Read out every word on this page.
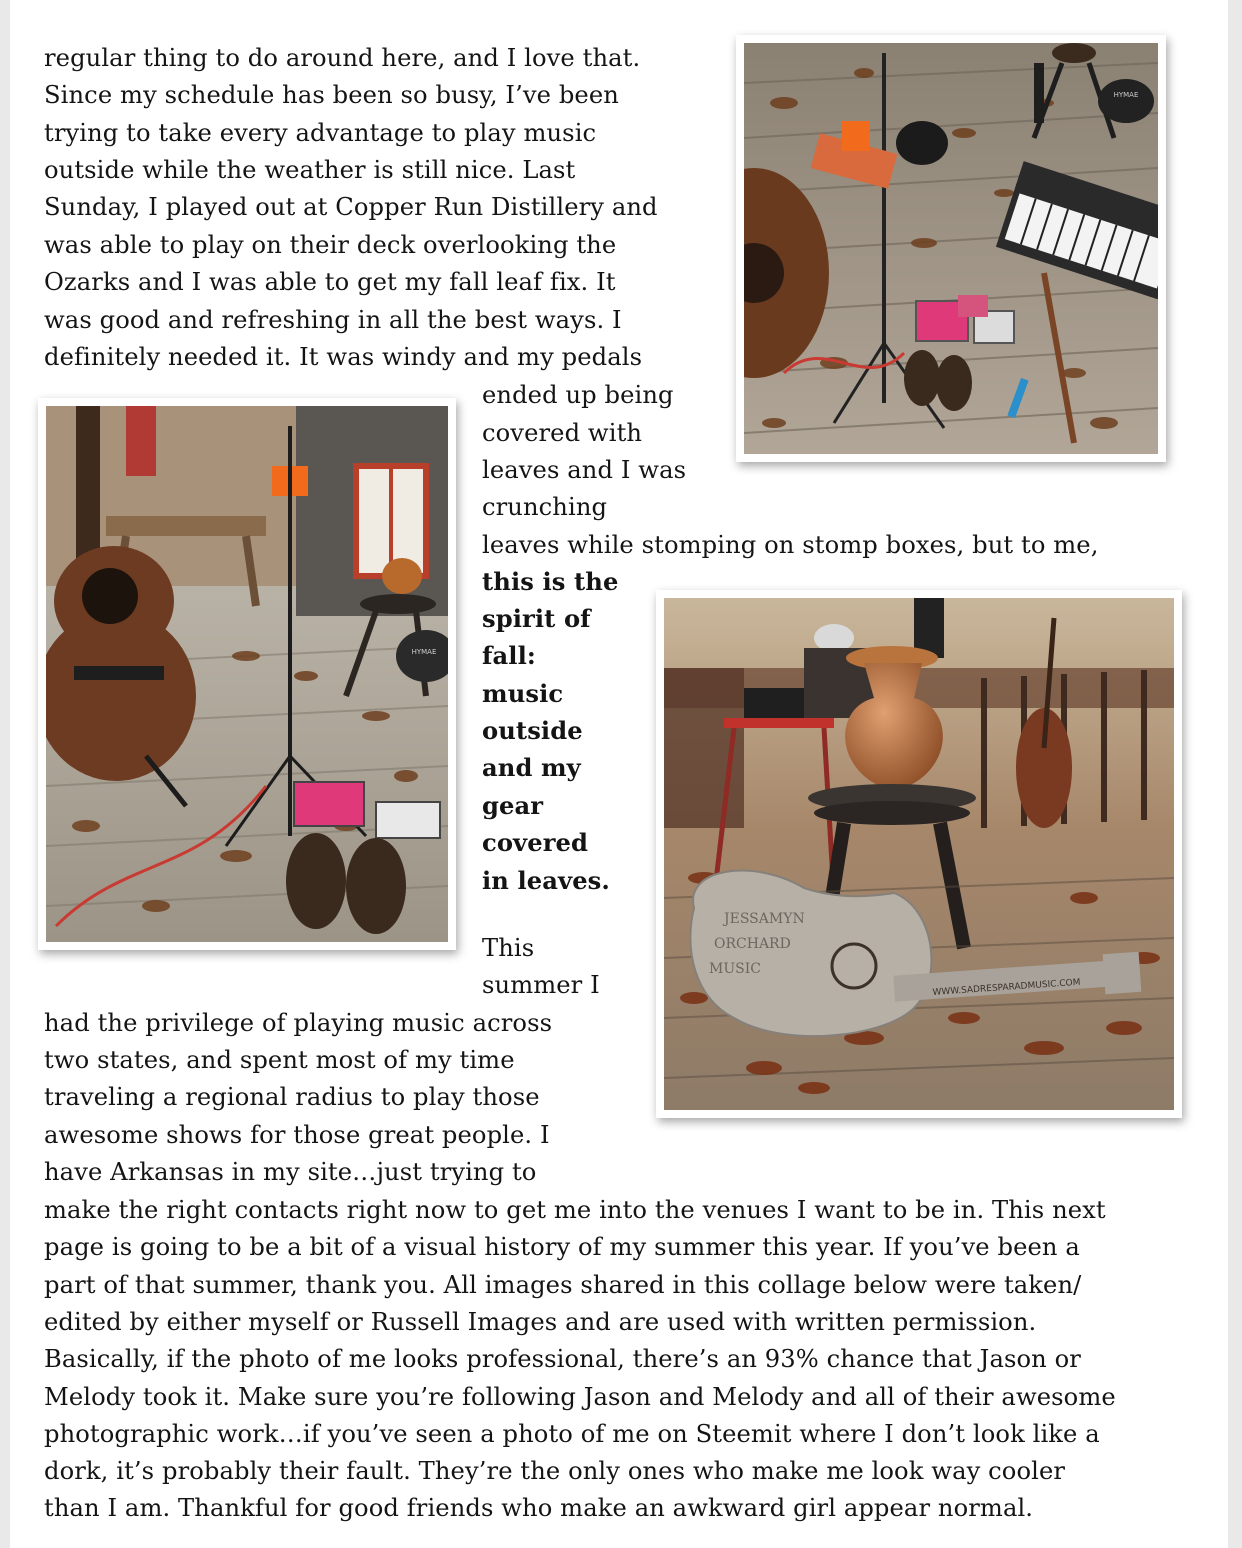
regular thing to do around here, and I love that.
Since my schedule has been so busy, I’ve been
trying to take every advantage to play music
outside while the weather is still nice. Last
Sunday, I played out at Copper Run Distillery and
was able to play on their deck overlooking the
Ozarks and I was able to get my fall leaf fix. It
was good and refreshing in all the best ways. I
definitely needed it. It was windy and my pedals
ended up being
covered with
leaves and I was
crunching
leaves while stomping on stomp boxes, but to me,
this is the
spirit of
fall:
music
outside
and my
gear
covered
in leaves.
This
summer I
had the privilege of playing music across
two states, and spent most of my time
traveling a regional radius to play those
awesome shows for those great people. I
have Arkansas in my site…just trying to
make the right contacts right now to get me into the venues I want to be in. This next
page is going to be a bit of a visual history of my summer this year. If you’ve been a
part of that summer, thank you. All images shared in this collage below were taken/
edited by either myself or Russell Images and are used with written permission.
Basically, if the photo of me looks professional, there’s an 93% chance that Jason or
Melody took it. Make sure you’re following Jason and Melody and all of their awesome
photographic work…if you’ve seen a photo of me on Steemit where I don’t look like a
dork, it’s probably their fault. They’re the only ones who make me look way cooler
than I am. Thankful for good friends who make an awkward girl appear normal.
HYMAE
HYMAE
JESSAMYN
ORCHARD
MUSIC
WWW.SADRESPARADMUSIC.COM
